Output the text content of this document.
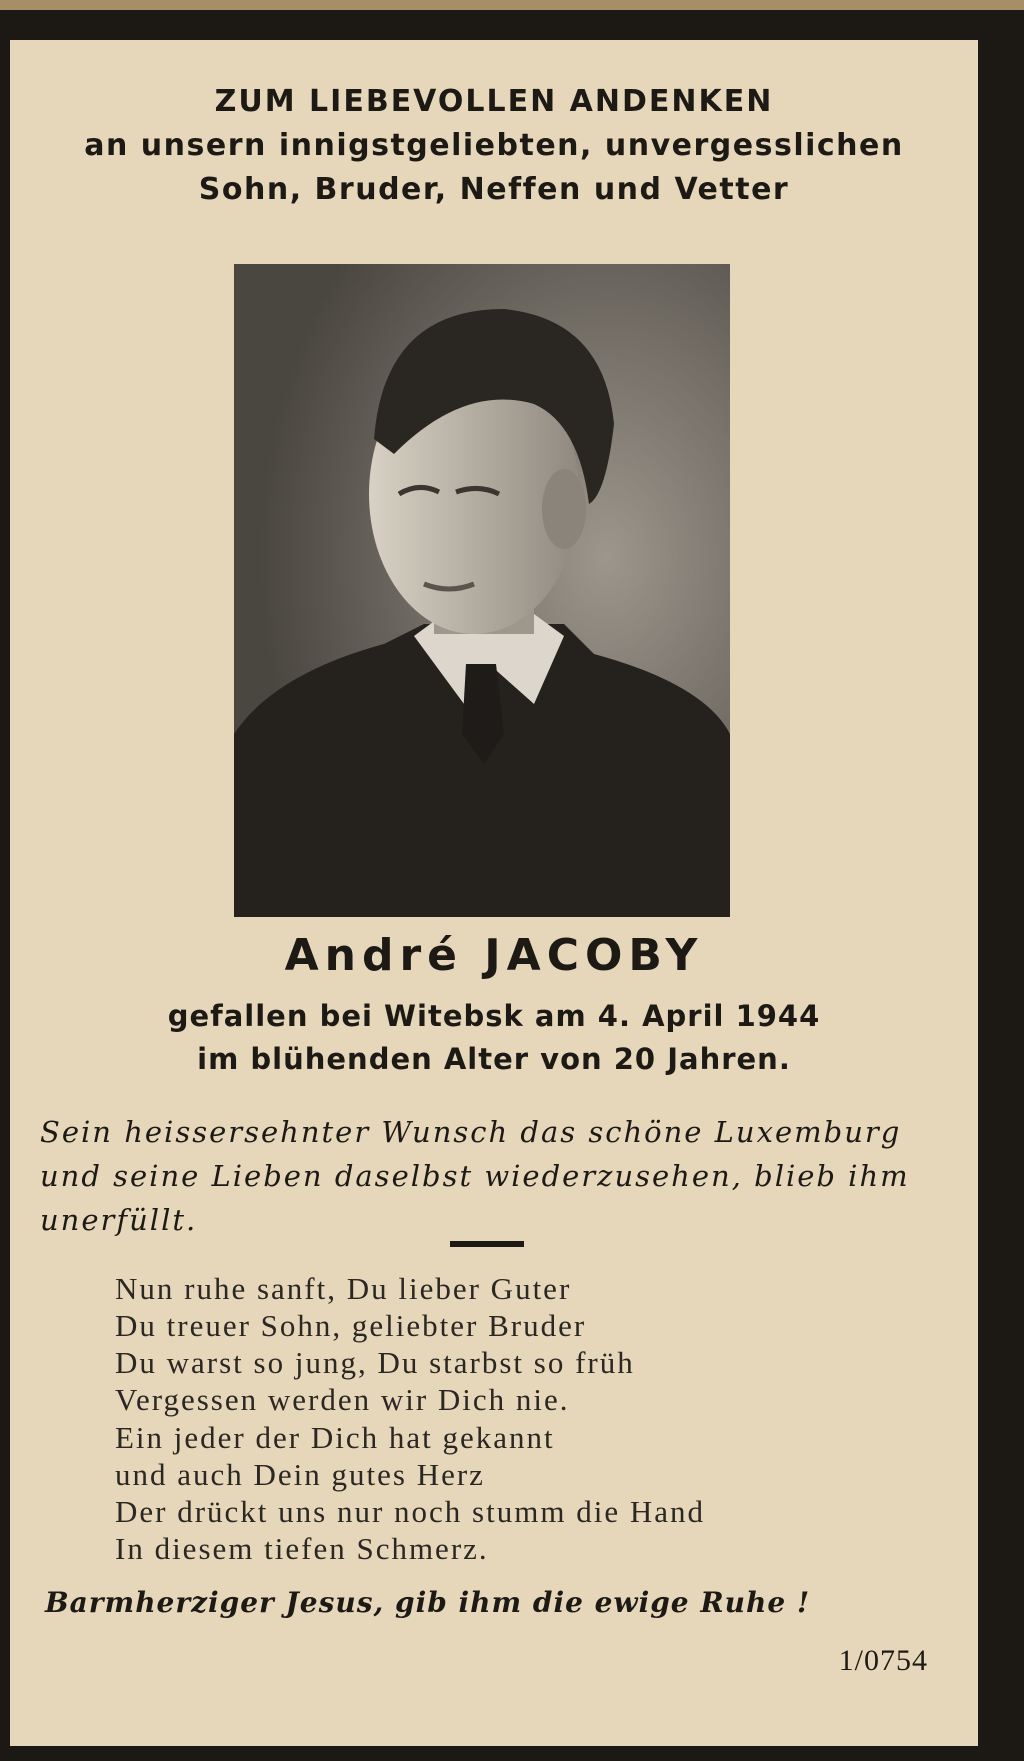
ZUM LIEBEVOLLEN ANDENKEN
an unsern innigstgeliebten, unvergesslichen
Sohn, Bruder, Neffen und Vetter
André JACOBY
gefallen bei Witebsk am 4. April 1944
im blühenden Alter von 20 Jahren.
Sein heissersehnter Wunsch das schöne Luxemburg
und seine Lieben daselbst wiederzusehen, blieb ihm
unerfüllt.
Nun ruhe sanft, Du lieber Guter
Du treuer Sohn, geliebter Bruder
Du warst so jung, Du starbst so früh
Vergessen werden wir Dich nie.
Ein jeder der Dich hat gekannt
und auch Dein gutes Herz
Der drückt uns nur noch stumm die Hand
In diesem tiefen Schmerz.
Barmherziger Jesus, gib ihm die ewige Ruhe !
1/0754
